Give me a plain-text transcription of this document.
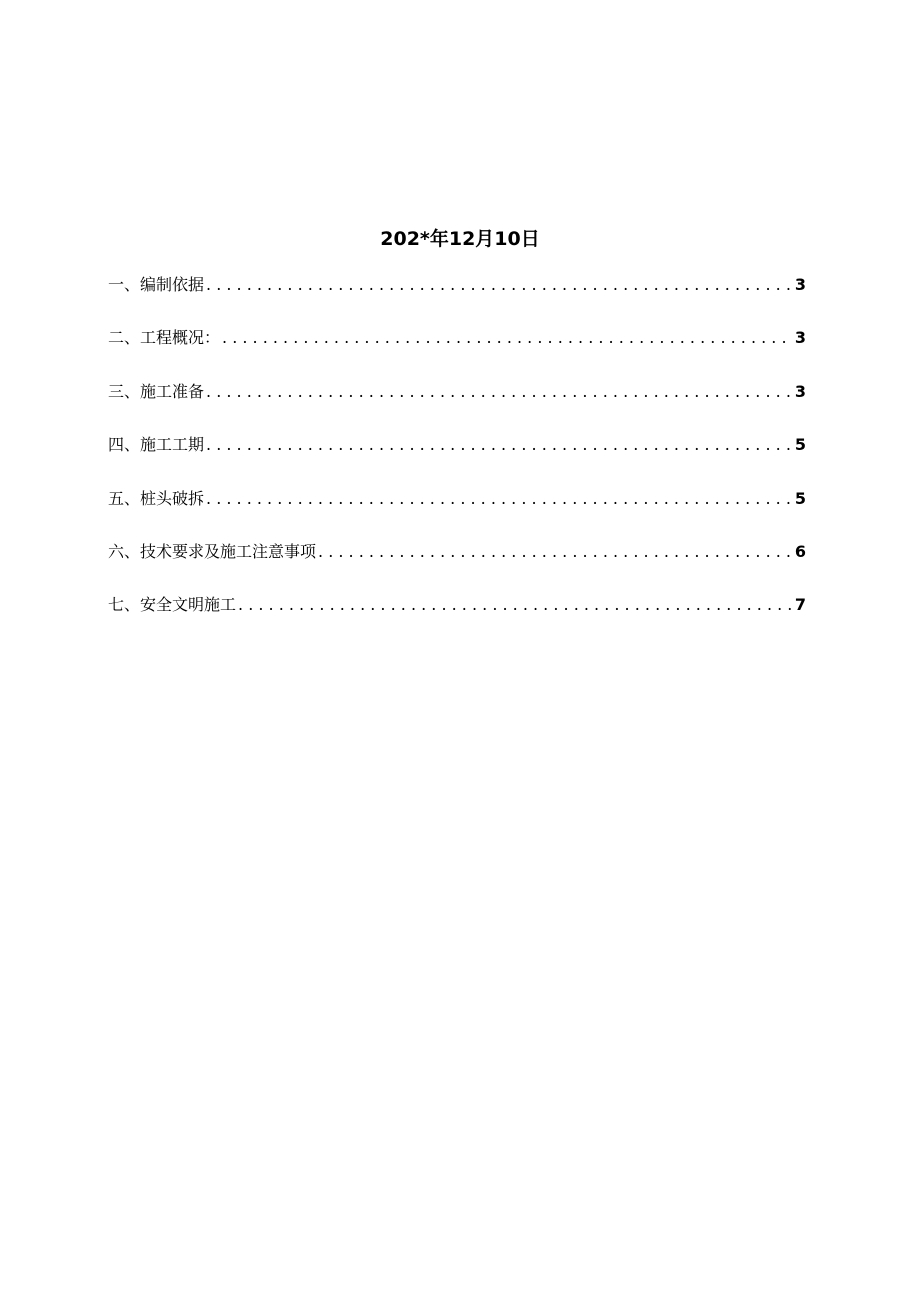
202*年12月10日
一、编制依据 . . .	3
二、工程概况： . . .	3
三、施工准备 . . .	3
四、施工工期 . . .	5
五、桩头破拆 . . .	5
六、技术要求及施工注意事项 . . .	6
七、安全文明施工 . . .	7
